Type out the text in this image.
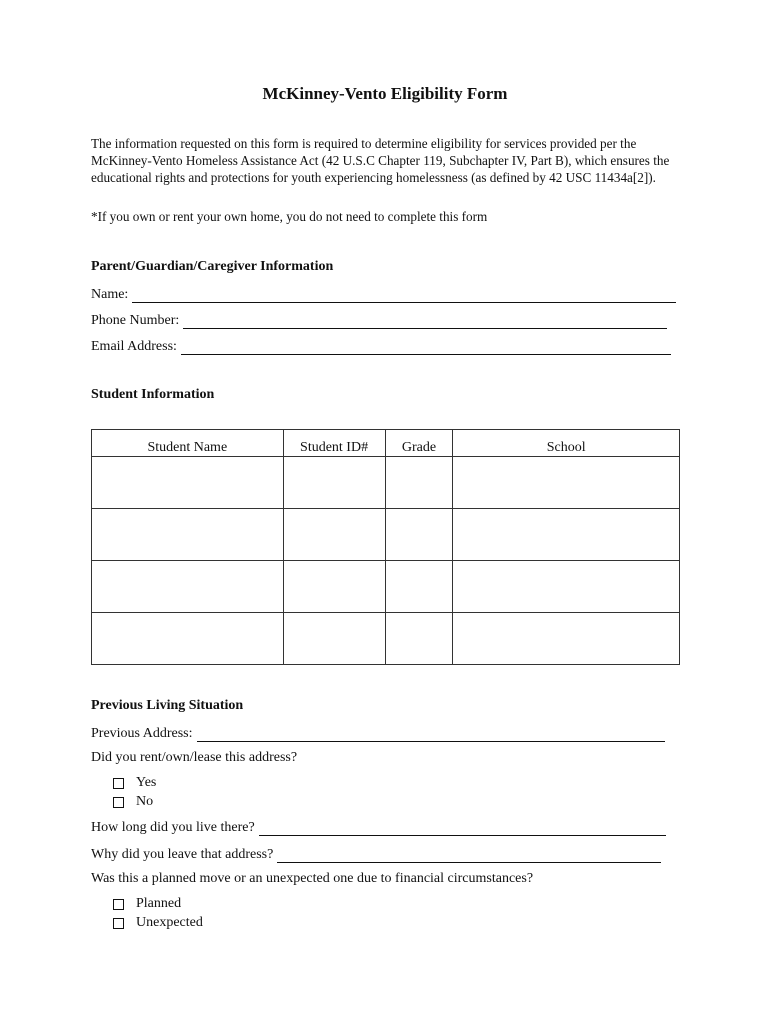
McKinney-Vento Eligibility Form
The information requested on this form is required to determine eligibility for services provided per the McKinney-Vento Homeless Assistance Act (42 U.S.C Chapter 119, Subchapter IV, Part B), which ensures the educational rights and protections for youth experiencing homelessness (as defined by 42 USC 11434a[2]).
*If you own or rent your own home, you do not need to complete this form
Parent/Guardian/Caregiver Information
Name:
Phone Number:
Email Address:
Student Information
Student Name	Student ID#	Grade	School

Previous Living Situation
Previous Address:
Did you rent/own/lease this address?
Yes
No
How long did you live there?
Why did you leave that address?
Was this a planned move or an unexpected one due to financial circumstances?
Planned
Unexpected
